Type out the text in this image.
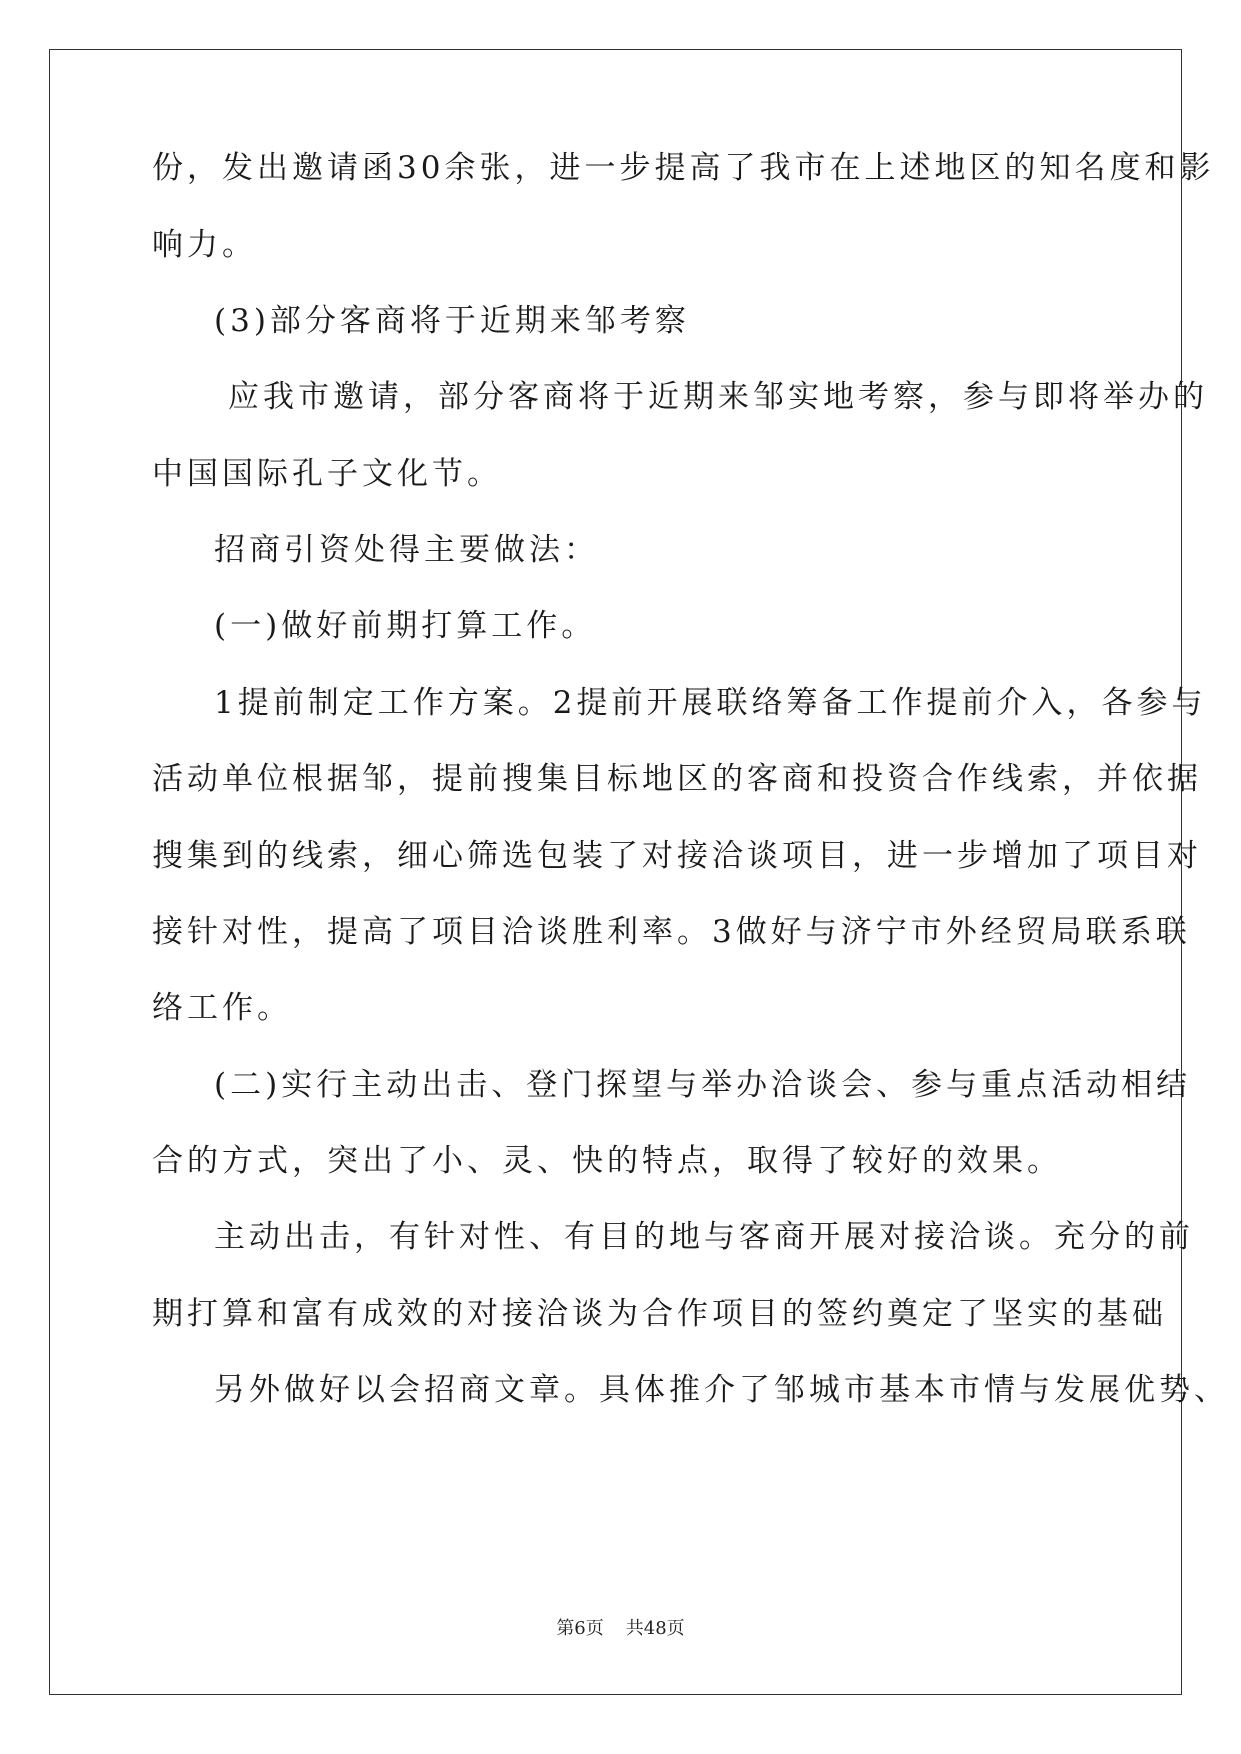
份，发出邀请函30余张，进一步提高了我市在上述地区的知名度和影
响力。
(3)部分客商将于近期来邹考察
应我市邀请，部分客商将于近期来邹实地考察，参与即将举办的
中国国际孔子文化节。
招商引资处得主要做法：
(一)做好前期打算工作。
1提前制定工作方案。2提前开展联络筹备工作提前介入，各参与
活动单位根据邹，提前搜集目标地区的客商和投资合作线索，并依据
搜集到的线索，细心筛选包装了对接洽谈项目，进一步增加了项目对
接针对性，提高了项目洽谈胜利率。3做好与济宁市外经贸局联系联
络工作。
(二)实行主动出击、登门探望与举办洽谈会、参与重点活动相结
合的方式，突出了小、灵、快的特点，取得了较好的效果。
主动出击，有针对性、有目的地与客商开展对接洽谈。充分的前
期打算和富有成效的对接洽谈为合作项目的签约奠定了坚实的基础
另外做好以会招商文章。具体推介了邹城市基本市情与发展优势、
第6页 共48页
